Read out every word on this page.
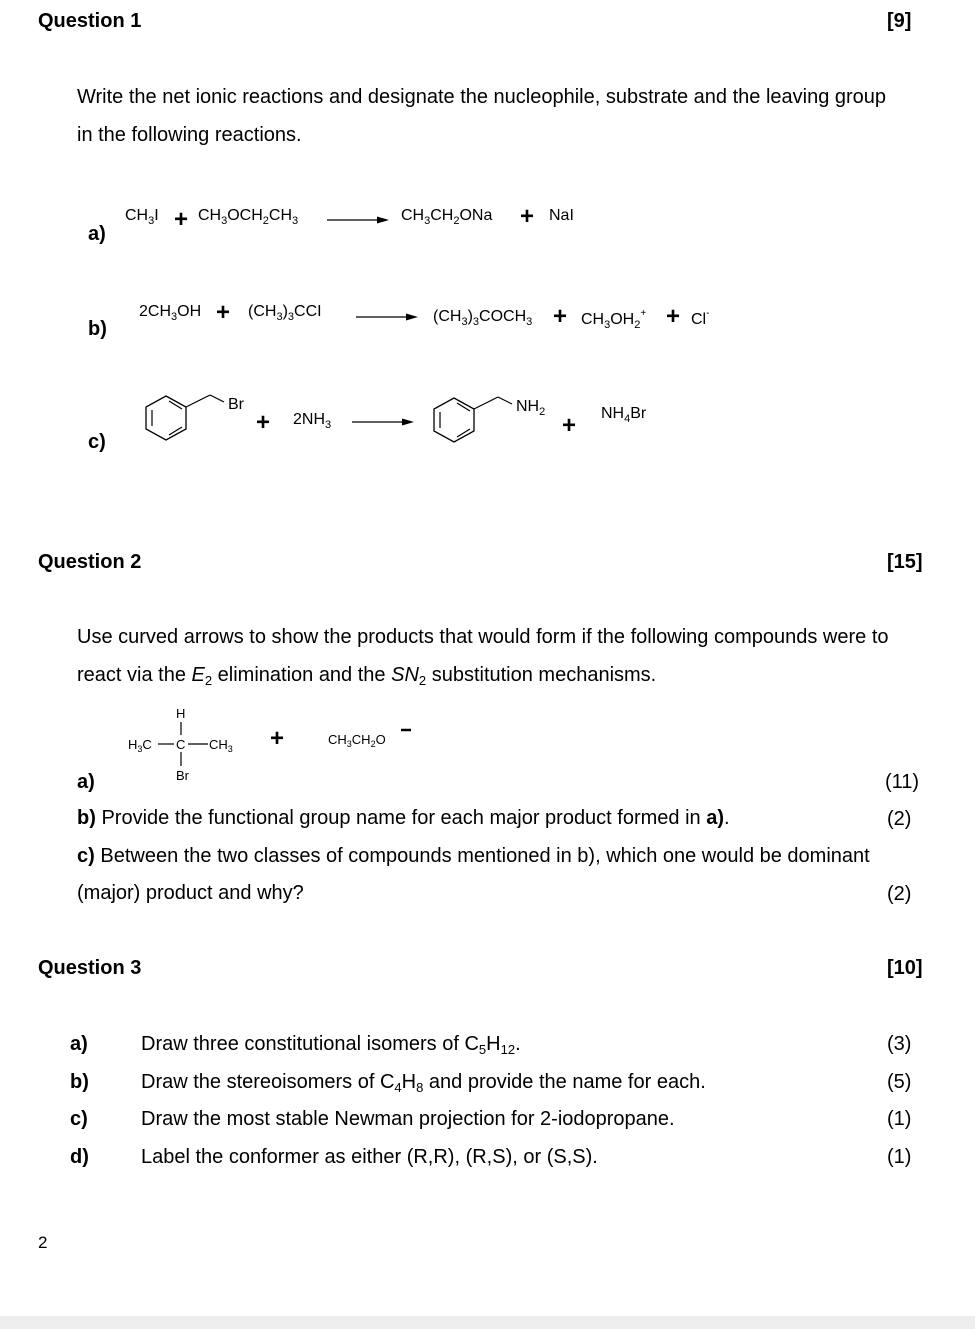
Question 1	[9]
Write the net ionic reactions and designate the nucleophile, substrate and the leaving group
in the following reactions.
a)
$CH_3I + CH_3OCH_2CH_3$	$CH_3CH_2ONa$ + NaI
b)
$2CH_3OH + (CH_3)_3CCI$	$(CH_3)_3COCH_3 + CH_3OH_2^+ + Cl^-$
c)
Br
+ $2NH_3$
$NH_2 + NH_4Br$
Question 2	[15]
Use curved arrows to show the products that would form if the following compounds were to
react via the $E_2$ elimination and the $SN_2$ substitution mechanisms.
H
$H_3C$ C $CH_3$
Br
+	$CH_3CH_2O$
a)	(11)
b) Provide the functional group name for each major product formed in a).	(2)
c) Between the two classes of compounds mentioned in b), which one would be dominant
(major) product and why?	(2)
Question 3	[10]
a)	Draw three constitutional isomers of $C_5H_{12}$.	(3)
b)	Draw the stereoisomers of $C_4H_8$ and provide the name for each.	(5)
c)	Draw the most stable Newman projection for 2-iodopropane.	(1)
d)	Label the conformer as either (R,R), (R,S), or (S,S).	(1)
2
